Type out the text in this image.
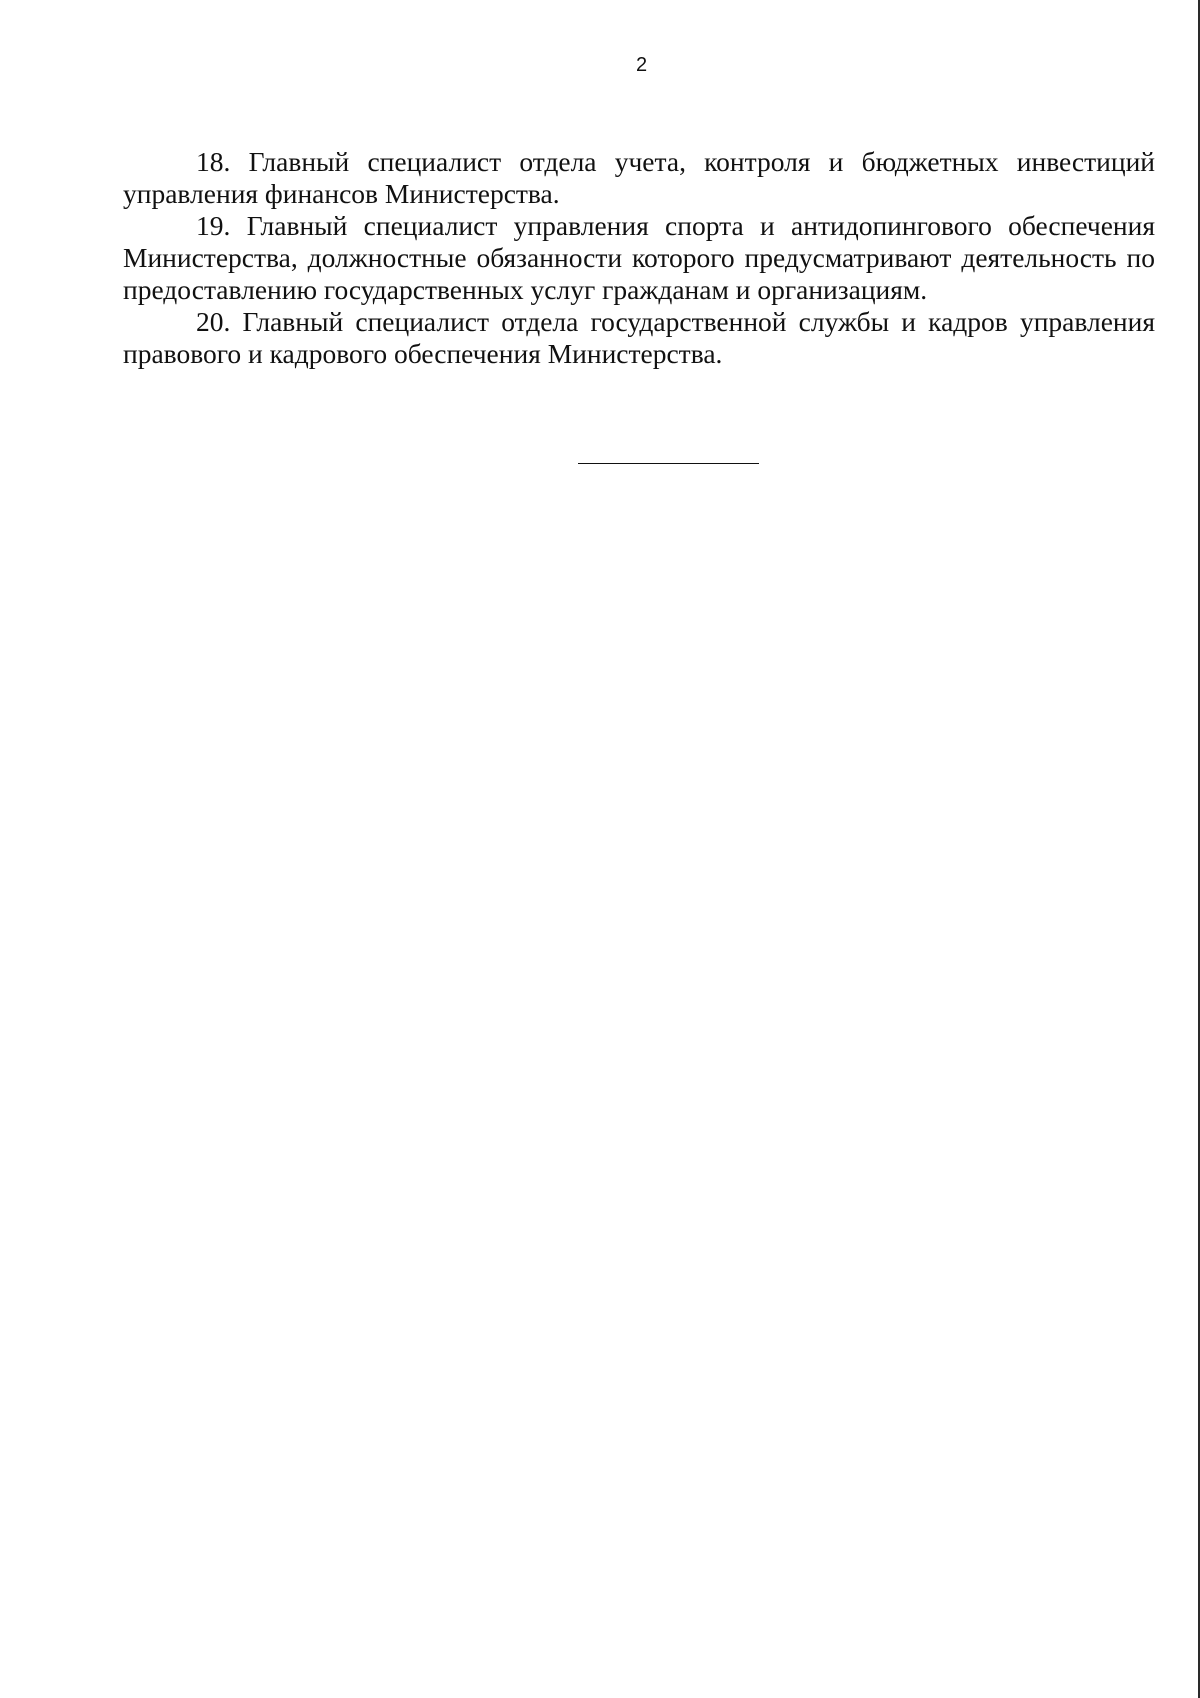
2

18. Главный специалист отдела учета, контроля и бюджетных инвестиций управления финансов Министерства.

19. Главный специалист управления спорта и антидопингового обеспечения Министерства, должностные обязанности которого предусматривают деятельность по предоставлению государственных услуг гражданам и организациям.

20. Главный специалист отдела государственной службы и кадров управления правового и кадрового обеспечения Министерства.
